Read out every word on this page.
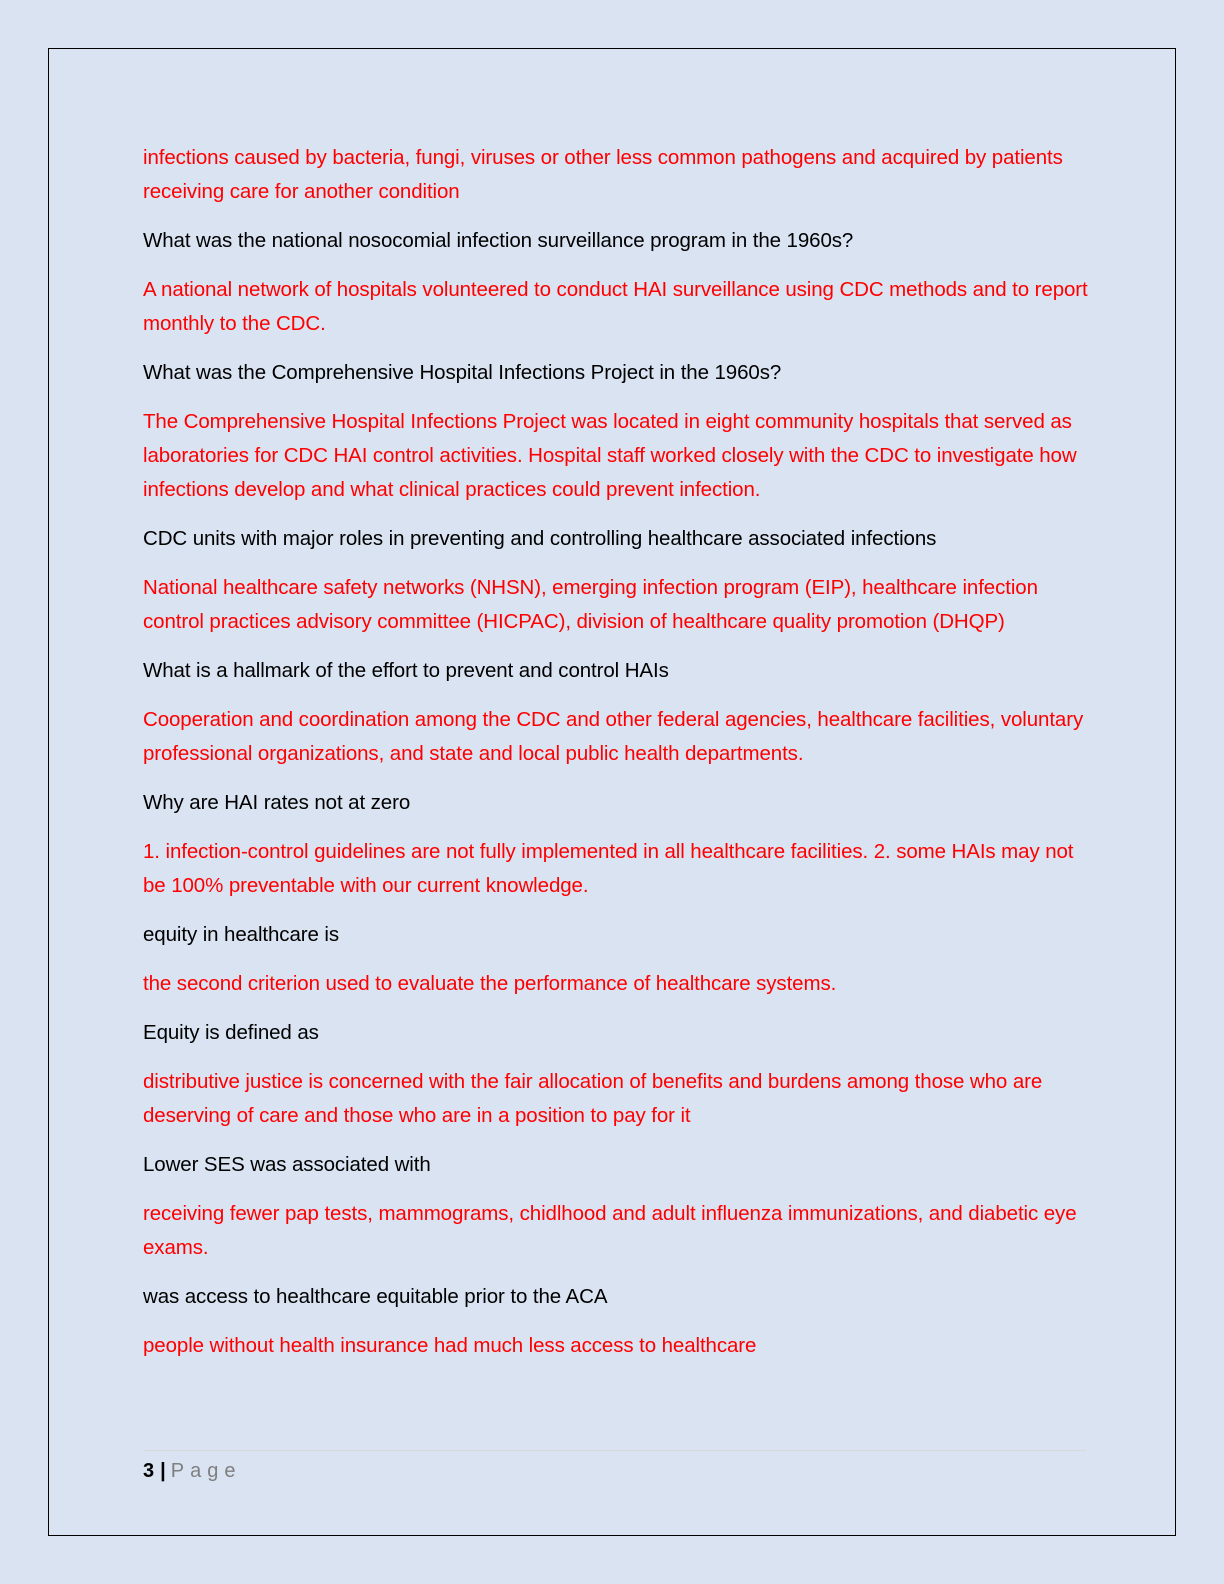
infections caused by bacteria, fungi, viruses or other less common pathogens and acquired by patients receiving care for another condition

What was the national nosocomial infection surveillance program in the 1960s?

A national network of hospitals volunteered to conduct HAI surveillance using CDC methods and to report monthly to the CDC.

What was the Comprehensive Hospital Infections Project in the 1960s?

The Comprehensive Hospital Infections Project was located in eight community hospitals that served as laboratories for CDC HAI control activities. Hospital staff worked closely with the CDC to investigate how infections develop and what clinical practices could prevent infection.

CDC units with major roles in preventing and controlling healthcare associated infections

National healthcare safety networks (NHSN), emerging infection program (EIP), healthcare infection control practices advisory committee (HICPAC), division of healthcare quality promotion (DHQP)

What is a hallmark of the effort to prevent and control HAIs

Cooperation and coordination among the CDC and other federal agencies, healthcare facilities, voluntary professional organizations, and state and local public health departments.

Why are HAI rates not at zero

1. infection-control guidelines are not fully implemented in all healthcare facilities. 2. some HAIs may not be 100% preventable with our current knowledge.

equity in healthcare is

the second criterion used to evaluate the performance of healthcare systems.

Equity is defined as

distributive justice is concerned with the fair allocation of benefits and burdens among those who are deserving of care and those who are in a position to pay for it

Lower SES was associated with

receiving fewer pap tests, mammograms, chidlhood and adult influenza immunizations, and diabetic eye exams.

was access to healthcare equitable prior to the ACA

people without health insurance had much less access to healthcare

3 | Page
